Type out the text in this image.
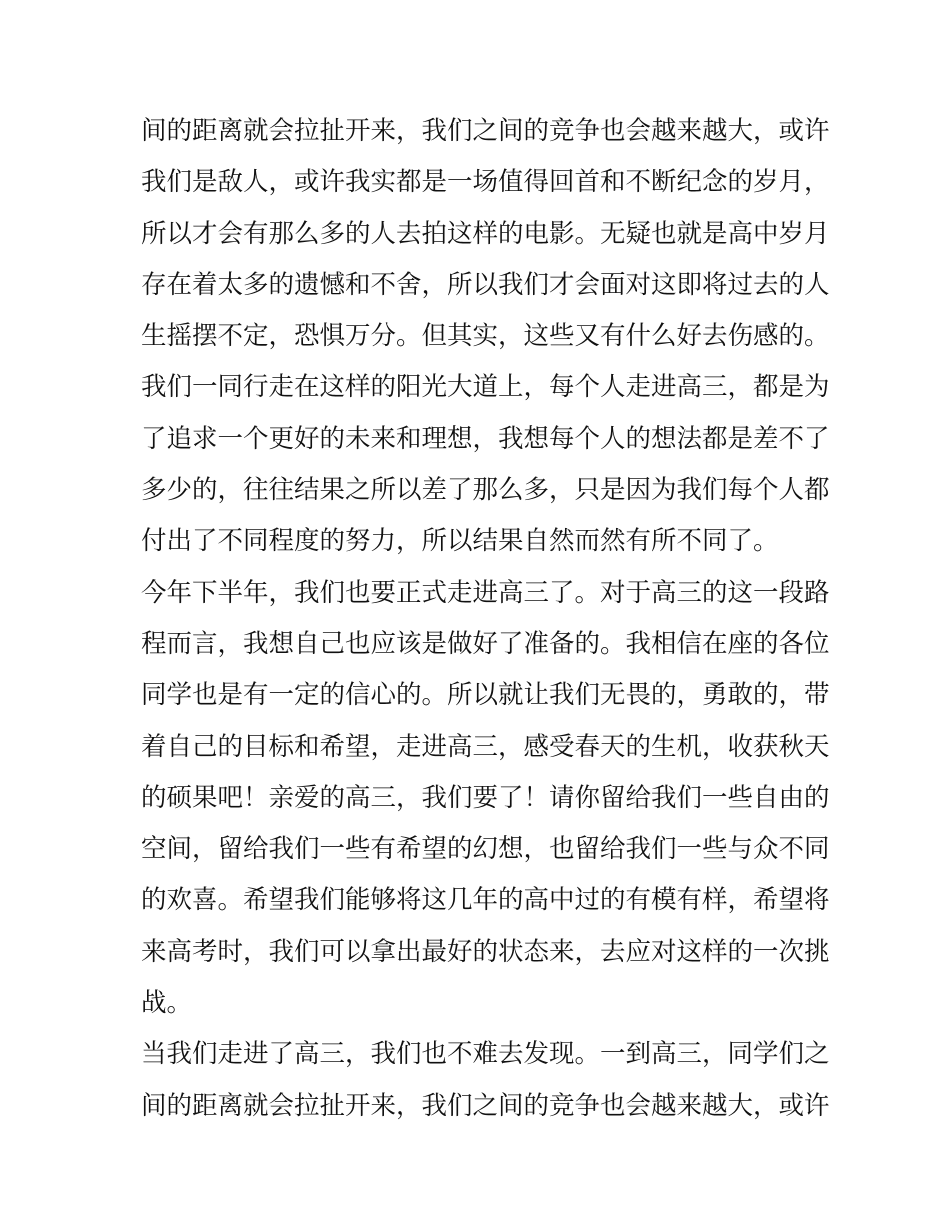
间的距离就会拉扯开来，我们之间的竞争也会越来越大，或许
我们是敌人，或许我实都是一场值得回首和不断纪念的岁月，
所以才会有那么多的人去拍这样的电影。无疑也就是高中岁月
存在着太多的遗憾和不舍，所以我们才会面对这即将过去的人
生摇摆不定，恐惧万分。但其实，这些又有什么好去伤感的。
我们一同行走在这样的阳光大道上，每个人走进高三，都是为
了追求一个更好的未来和理想，我想每个人的想法都是差不了
多少的，往往结果之所以差了那么多，只是因为我们每个人都
付出了不同程度的努力，所以结果自然而然有所不同了。
今年下半年，我们也要正式走进高三了。对于高三的这一段路
程而言，我想自己也应该是做好了准备的。我相信在座的各位
同学也是有一定的信心的。所以就让我们无畏的，勇敢的，带
着自己的目标和希望，走进高三，感受春天的生机，收获秋天
的硕果吧！亲爱的高三，我们要了！请你留给我们一些自由的
空间，留给我们一些有希望的幻想，也留给我们一些与众不同
的欢喜。希望我们能够将这几年的高中过的有模有样，希望将
来高考时，我们可以拿出最好的状态来，去应对这样的一次挑
战。
当我们走进了高三，我们也不难去发现。一到高三，同学们之
间的距离就会拉扯开来，我们之间的竞争也会越来越大，或许
